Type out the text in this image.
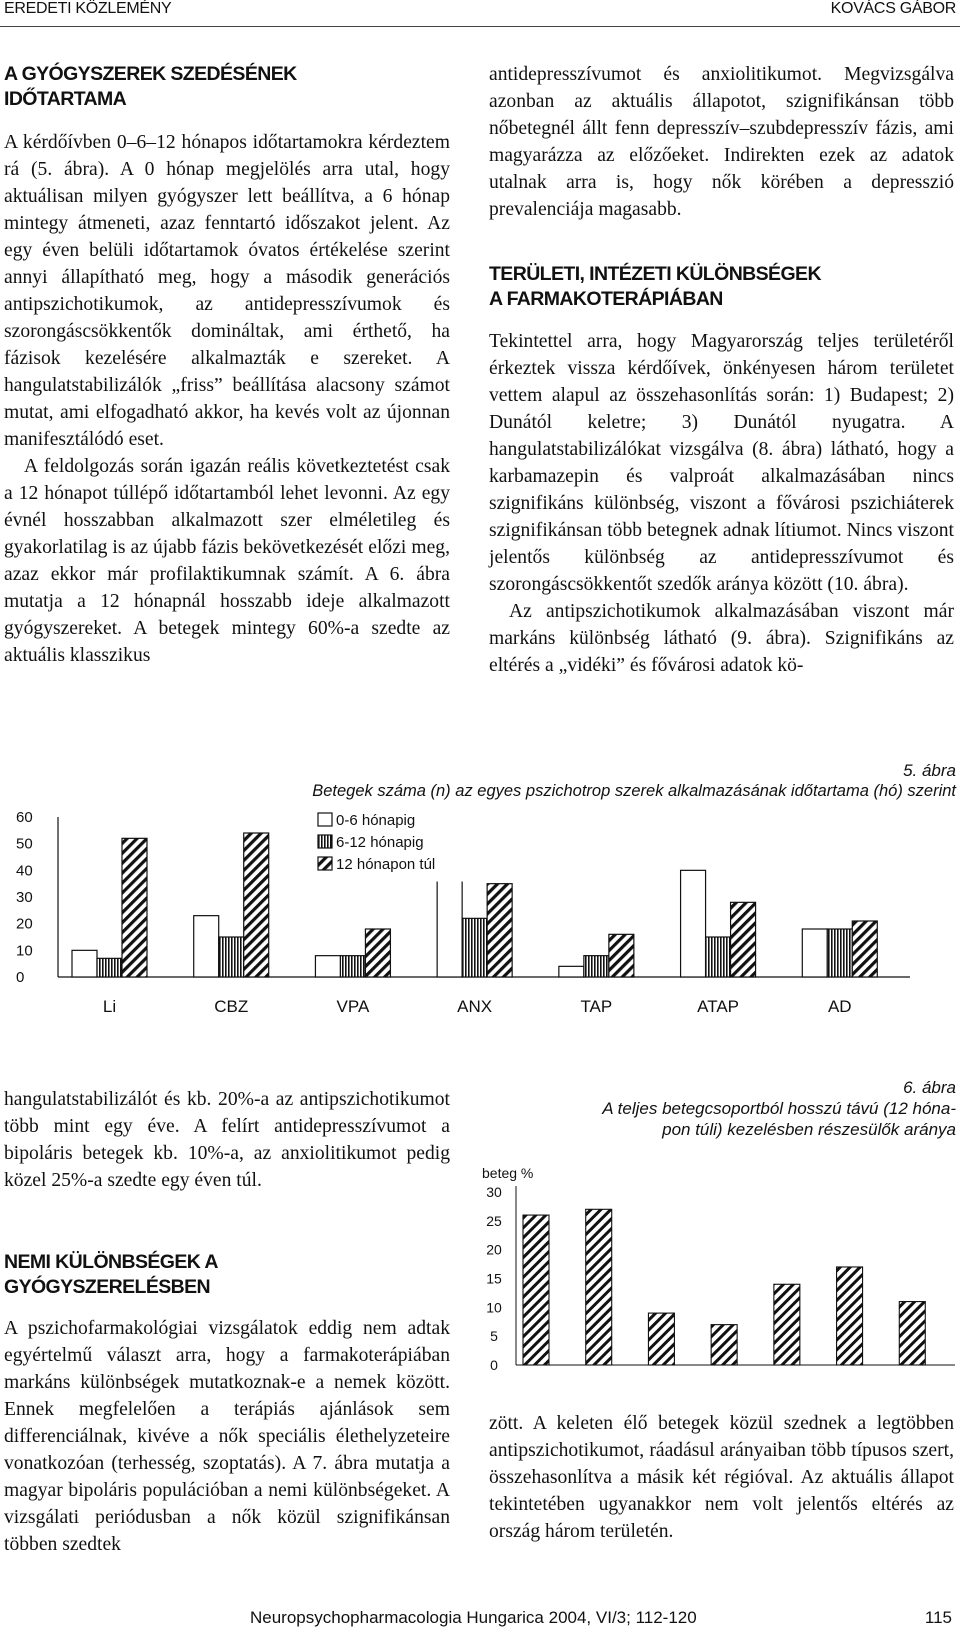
EREDETI KÖZLEMÉNY	KOVÁCS GÁBOR
A GYÓGYSZEREK SZEDÉSÉNEK
IDŐTARTAMA

A kérdőívben 0–6–12 hónapos időtartamokra kérdeztem rá (5. ábra). A 0 hónap megjelölés arra utal, hogy aktuálisan milyen gyógyszer lett beállítva, a 6 hónap mintegy átmeneti, azaz fenntartó időszakot jelent. Az egy éven belüli időtartamok óvatos értékelése szerint annyi állapítható meg, hogy a második generációs antipszichotikumok, az antidepresszívumok és szorongáscsökkentők domináltak, ami érthető, ha fázisok kezelésére alkalmazták e szereket. A hangulatstabilizálók „friss” beállítása alacsony számot mutat, ami elfogadható akkor, ha kevés volt az újonnan manifesztálódó eset.

A feldolgozás során igazán reális következtetést csak a 12 hónapot túllépő időtartamból lehet levonni. Az egy évnél hosszabban alkalmazott szer elméletileg és gyakorlatilag is az újabb fázis bekövetkezését előzi meg, azaz ekkor már profilaktikumnak számít. A 6. ábra mutatja a 12 hónapnál hosszabb ideje alkalmazott gyógyszereket. A betegek mintegy 60%-a szedte az aktuális klasszikus

antidepresszívumot és anxiolitikumot. Megvizsgálva azonban az aktuális állapotot, szignifikánsan több nőbetegnél állt fenn depresszív–szubdepresszív fázis, ami magyarázza az előzőeket. Indirekten ezek az adatok utalnak arra is, hogy nők körében a depresszió prevalenciája magasabb.

TERÜLETI, INTÉZETI KÜLÖNBSÉGEK
A FARMAKOTERÁPIÁBAN

Tekintettel arra, hogy Magyarország teljes területéről érkeztek vissza kérdőívek, önkényesen három területet vettem alapul az összehasonlítás során: 1) Budapest; 2) Dunától keletre; 3) Dunától nyugatra. A hangulatstabilizálókat vizsgálva (8. ábra) látható, hogy a karbamazepin és valproát alkalmazásában nincs szignifikáns különbség, viszont a fővárosi pszichiáterek szignifikánsan több betegnek adnak lítiumot. Nincs viszont jelentős különbség az antidepresszívumot és szorongáscsökkentőt szedők aránya között (10. ábra).

Az antipszichotikumok alkalmazásában viszont már markáns különbség látható (9. ábra). Szignifikáns az eltérés a „vidéki” és fővárosi adatok kö-

5. ábra
Betegek száma (n) az egyes pszichotrop szerek alkalmazásának időtartama (hó) szerint
0
10
20
30
40
50
60
Li	CBZ	VPA	ANX	TAP	ATAP	AD
0-6 hónapig
6-12 hónapig
12 hónapon túl

hangulatstabilizálót és kb. 20%-a az antipszichotikumot több mint egy éve. A felírt antidepresszívumot a bipoláris betegek kb. 10%-a, az anxiolitikumot pedig közel 25%-a szedte egy éven túl.

NEMI KÜLÖNBSÉGEK A
GYÓGYSZERELÉSBEN

A pszichofarmakológiai vizsgálatok eddig nem adtak egyértelmű választ arra, hogy a farmakoterápiában markáns különbségek mutatkoznak-e a nemek között. Ennek megfelelően a terápiás ajánlások sem differenciálnak, kivéve a nők speciális élethelyzeteire vonatkozóan (terhesség, szoptatás). A 7. ábra mutatja a magyar bipoláris populációban a nemi különbségeket. A vizsgálati periódusban a nők közül szignifikánsan többen szedtek

6. ábra
A teljes betegcsoportból hosszú távú (12 hóna-
pon túli) kezelésben részesülők aránya
beteg %
0
5
10
15
20
25
30

zött. A keleten élő betegek közül szednek a legtöbben antipszichotikumot, ráadásul arányaiban több típusos szert, összehasonlítva a másik két régióval. Az aktuális állapot tekintetében ugyanakkor nem volt jelentős eltérés az ország három területén.

Neuropsychopharmacologia Hungarica 2004, VI/3; 112-120	115
